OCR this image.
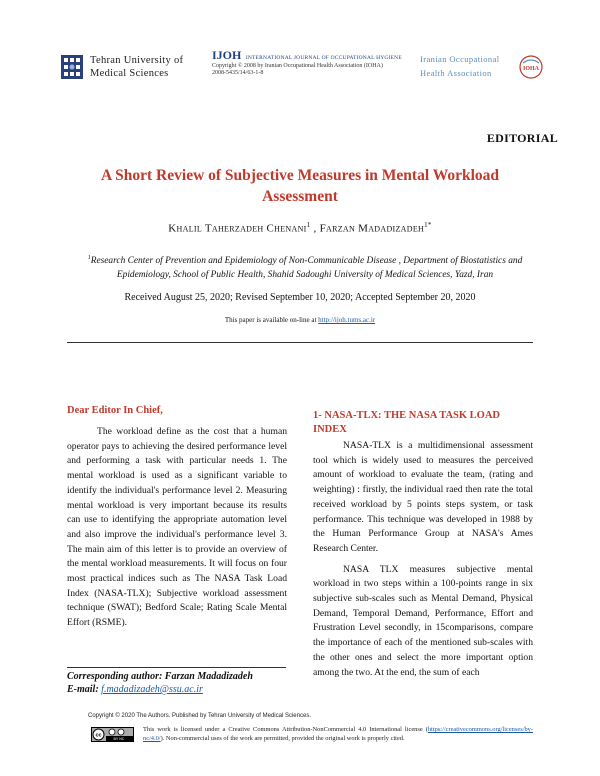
Tehran University of
Medical Sciences
IJOH INTERNATIONAL JOURNAL OF OCCUPATIONAL HYGIENE
Copyright © 2008 by Iranian Occupational Health Association (IOHA)
2008-5435/14/63-1-8
Iranian Occupational
Health Association	IOHA
EDITORIAL
A Short Review of Subjective Measures in Mental Workload Assessment
Khalil Taherzadeh Chenani$^1$ , Farzan Madadizadeh$^{1*}$
$^1$Research Center of Prevention and Epidemiology of Non-Communicable Disease , Department of Biostatistics and Epidemiology, School of Public Health, Shahid Sadoughi University of Medical Sciences, Yazd, Iran
Received August 25, 2020; Revised September 10, 2020; Accepted September 20, 2020
This paper is available on-line at http://ijoh.tums.ac.ir
Dear Editor In Chief,

The workload define as the cost that a human operator pays to achieving the desired performance level and performing a task with particular needs 1. The mental workload is used as a significant variable to identify the individual's performance level 2. Measuring mental workload is very important because its results can use to identifying the appropriate automation level and also improve the individual's performance level 3. The main aim of this letter is to provide an overview of the mental workload measurements. It will focus on four most practical indices such as The NASA Task Load Index (NASA-TLX); Subjective workload assessment technique (SWAT); Bedford Scale; Rating Scale Mental Effort (RSME).

Corresponding author: Farzan Madadizadeh
E-mail: f.madadizadeh@ssu.ac.ir
1- NASA-TLX: THE NASA TASK LOAD INDEX

NASA-TLX is a multidimensional assessment tool which is widely used to measures the perceived amount of workload to evaluate the team, (rating and weighting) : firstly, the individual raed then rate the total received workload by 5 points steps system, or task performance. This technique was developed in 1988 by the Human Performance Group at NASA's Ames Research Center.

NASA TLX measures subjective mental workload in two steps within a 100-points range in six subjective sub-scales such as Mental Demand, Physical Demand, Temporal Demand, Performance, Effort and Frustration Level secondly, in 15comparisons, compare the importance of each of the mentioned sub-scales with the other ones and select the more important option among the two. At the end, the sum of each

Copyright © 2020 The Authors. Published by Tehran University of Medical Sciences.
cc
BY NC
This work is licensed under a Creative Commons Attribution-NonCommercial 4.0 International license (https://creativecommons.org/licenses/by-nc/4.0/). Non-commercial uses of the work are permitted, provided the original work is properly cited.
